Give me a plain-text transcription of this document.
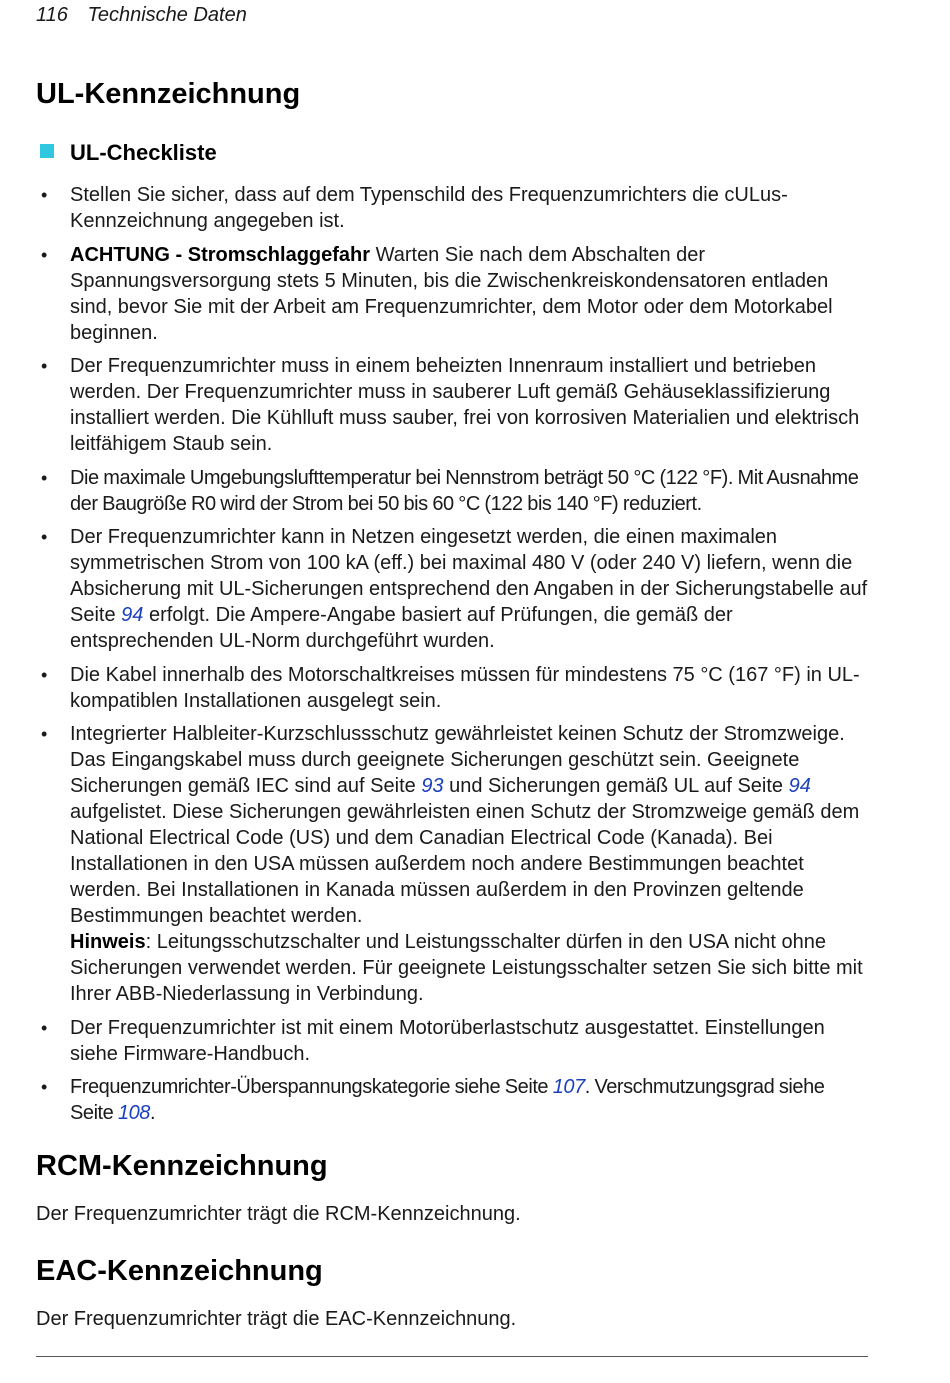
116 Technische Daten
UL-Kennzeichnung
UL-Checkliste
• Stellen Sie sicher, dass auf dem Typenschild des Frequenzumrichters die cULus-Kennzeichnung angegeben ist.
• ACHTUNG - Stromschlaggefahr Warten Sie nach dem Abschalten der Spannungsversorgung stets 5 Minuten, bis die Zwischenkreiskondensatoren entladen sind, bevor Sie mit der Arbeit am Frequenzumrichter, dem Motor oder dem Motorkabel beginnen.
• Der Frequenzumrichter muss in einem beheizten Innenraum installiert und betrieben werden. Der Frequenzumrichter muss in sauberer Luft gemäß Gehäuseklassifizierung installiert werden. Die Kühlluft muss sauber, frei von korrosiven Materialien und elektrisch leitfähigem Staub sein.
• Die maximale Umgebungslufttemperatur bei Nennstrom beträgt 50 °C (122 °F). Mit Ausnahme der Baugröße R0 wird der Strom bei 50 bis 60 °C (122 bis 140 °F) reduziert.
• Der Frequenzumrichter kann in Netzen eingesetzt werden, die einen maximalen symmetrischen Strom von 100 kA (eff.) bei maximal 480 V (oder 240 V) liefern, wenn die Absicherung mit UL-Sicherungen entsprechend den Angaben in der Sicherungstabelle auf Seite 94 erfolgt. Die Ampere-Angabe basiert auf Prüfungen, die gemäß der entsprechenden UL-Norm durchgeführt wurden.
• Die Kabel innerhalb des Motorschaltkreises müssen für mindestens 75 °C (167 °F) in UL-kompatiblen Installationen ausgelegt sein.
• Integrierter Halbleiter-Kurzschlussschutz gewährleistet keinen Schutz der Stromzweige. Das Eingangskabel muss durch geeignete Sicherungen geschützt sein. Geeignete Sicherungen gemäß IEC sind auf Seite 93 und Sicherungen gemäß UL auf Seite 94 aufgelistet. Diese Sicherungen gewährleisten einen Schutz der Stromzweige gemäß dem National Electrical Code (US) und dem Canadian Electrical Code (Kanada). Bei Installationen in den USA müssen außerdem noch andere Bestimmungen beachtet werden. Bei Installationen in Kanada müssen außerdem in den Provinzen geltende Bestimmungen beachtet werden.
Hinweis: Leitungsschutzschalter und Leistungsschalter dürfen in den USA nicht ohne Sicherungen verwendet werden. Für geeignete Leistungsschalter setzen Sie sich bitte mit Ihrer ABB-Niederlassung in Verbindung.
• Der Frequenzumrichter ist mit einem Motorüberlastschutz ausgestattet. Einstellungen siehe Firmware-Handbuch.
• Frequenzumrichter-Überspannungskategorie siehe Seite 107. Verschmutzungsgrad siehe Seite 108.
RCM-Kennzeichnung
Der Frequenzumrichter trägt die RCM-Kennzeichnung.
EAC-Kennzeichnung
Der Frequenzumrichter trägt die EAC-Kennzeichnung.
